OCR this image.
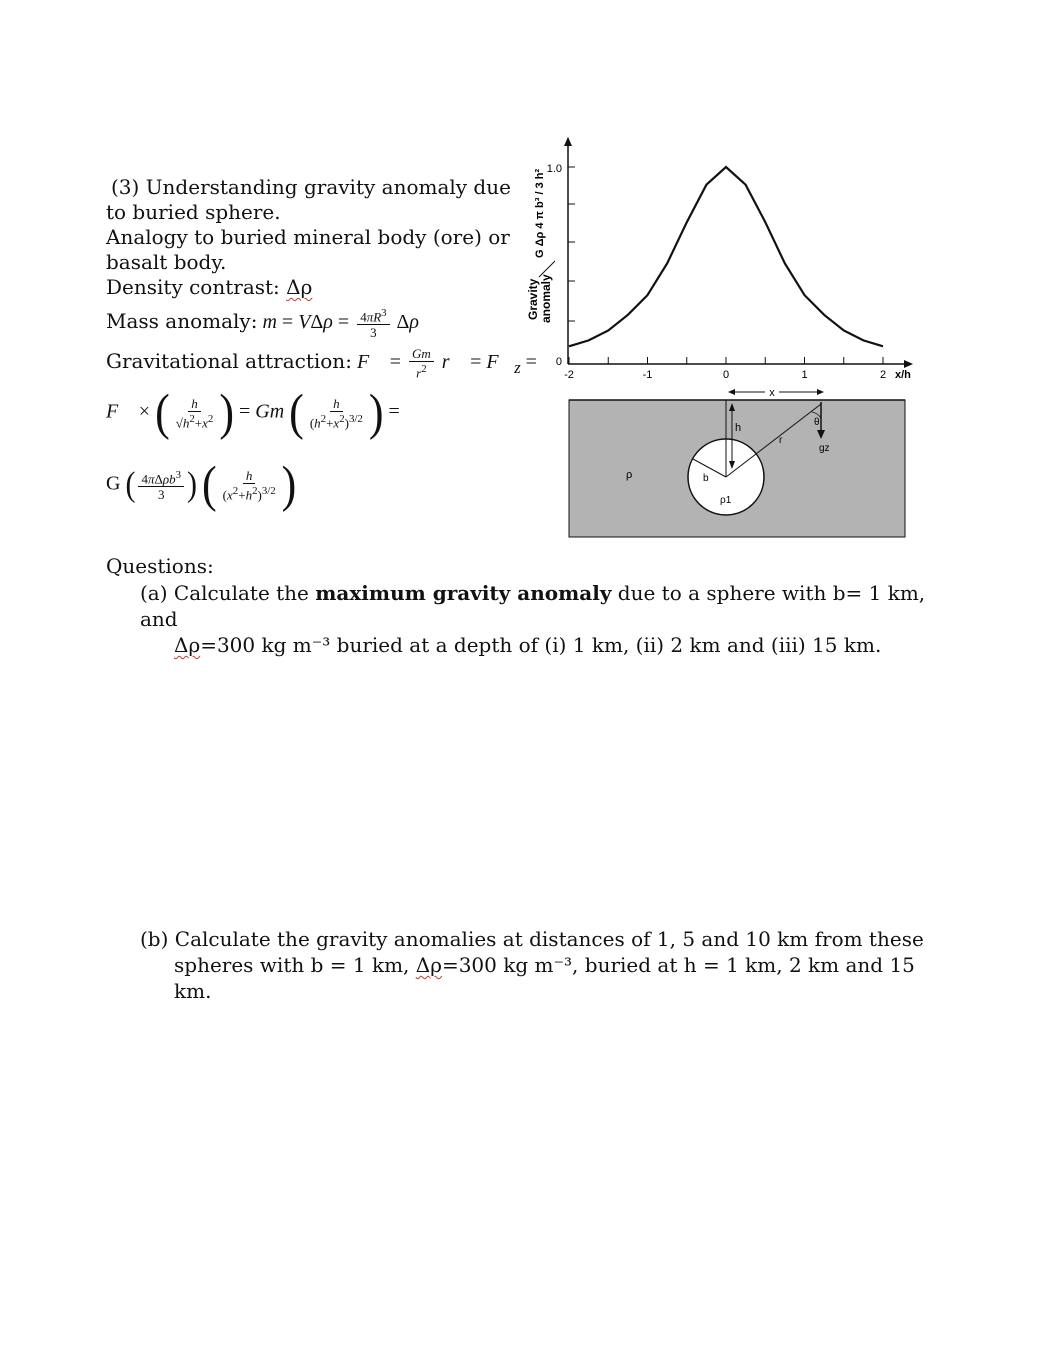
(3) Understanding gravity anomaly due
to buried sphere.
Analogy to buried mineral body (ore) or
basalt body.
Density contrast: Δρ
Mass anomaly: $m = V\Delta\rho = \frac{4\pi R^3}{3}$ Δρ
Gravitational attraction: F⃗ = $\frac{Gm}{r^2}$ r⃗ = $F⃗_z$ =
F⃗ × ( $\frac{h}{√h^2+x^2}$ ) = Gm ( $\frac{h}{(h^2+x^2)^{3/2}}$ ) =
G ( $\frac{4\pi\Delta\rho b^3}{3}$ ) ( $\frac{h}{(x^2+h^2)^{3/2}}$ )
1.0
0
Gravity anomaly
G Δρ 4 π b³ / 3 h²
-2	-1	0	1	2 x/h
x
h
r
θ
gz
b
ρ
ρ1
Questions:
(a) Calculate the maximum gravity anomaly due to a sphere with b= 1 km, and
Δρ=300 kg m⁻³ buried at a depth of (i) 1 km, (ii) 2 km and (iii) 15 km.
(b) Calculate the gravity anomalies at distances of 1, 5 and 10 km from these
spheres with b = 1 km, Δρ=300 kg m⁻³, buried at h = 1 km, 2 km and 15 km.
